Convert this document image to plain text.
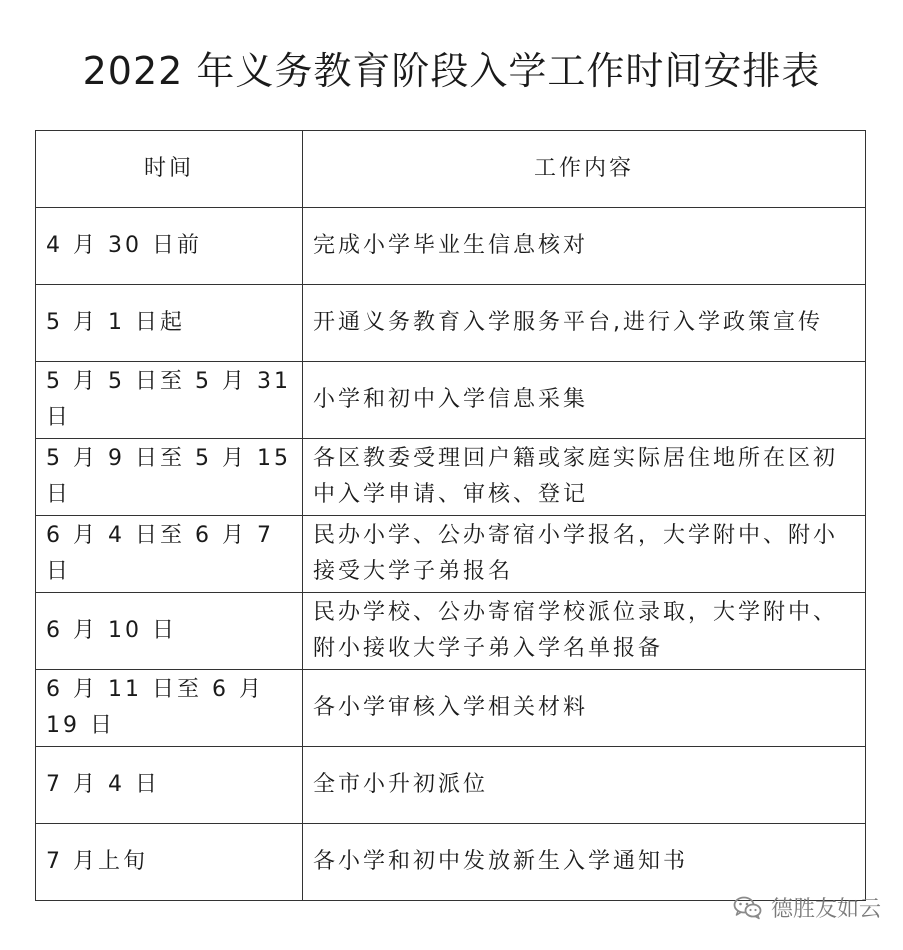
2022 年义务教育阶段入学工作时间安排表
时间	工作内容
4 月 30 日前	完成小学毕业生信息核对
5 月 1 日起	开通义务教育入学服务平台,进行入学政策宣传
5 月 5 日至 5 月 31 日	小学和初中入学信息采集
5 月 9 日至 5 月 15 日	各区教委受理回户籍或家庭实际居住地所在区初中入学申请、审核、登记
6 月 4 日至 6 月 7 日	民办小学、公办寄宿小学报名，大学附中、附小接受大学子弟报名
6 月 10 日	民办学校、公办寄宿学校派位录取，大学附中、附小接收大学子弟入学名单报备
6 月 11 日至 6 月 19 日	各小学审核入学相关材料
7 月 4 日	全市小升初派位
7 月上旬	各小学和初中发放新生入学通知书
德胜友如云
